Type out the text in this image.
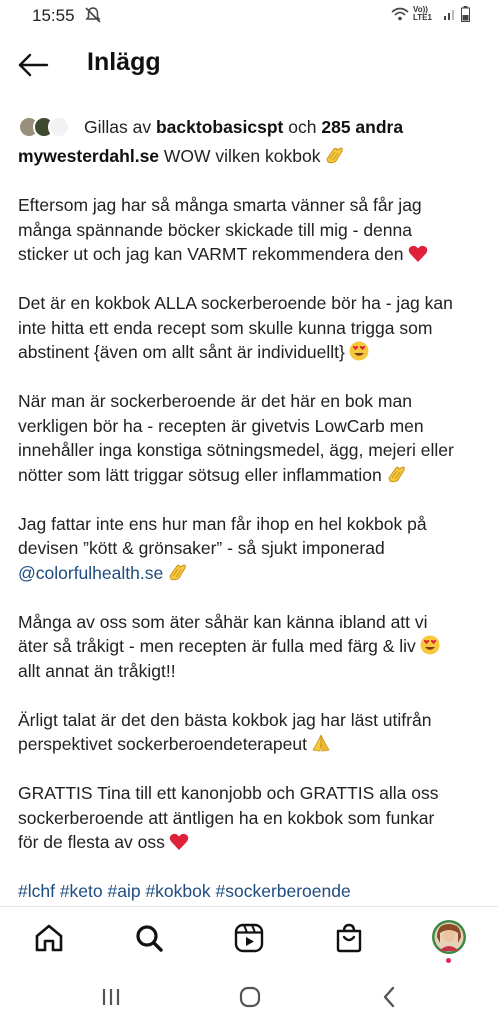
15:55	Vo)) LTE1
Inlägg
Gillas av backtobasicspt och 285 andra
mywesterdahl.se WOW vilken kokbok
Eftersom jag har så många smarta vänner så får jag
många spännande böcker skickade till mig - denna
sticker ut och jag kan VARMT rekommendera den
Det är en kokbok ALLA sockerberoende bör ha - jag kan
inte hitta ett enda recept som skulle kunna trigga som
abstinent {även om allt sånt är individuellt}
När man är sockerberoende är det här en bok man
verkligen bör ha - recepten är givetvis LowCarb men
innehåller inga konstiga sötningsmedel, ägg, mejeri eller
nötter som lätt triggar sötsug eller inflammation
Jag fattar inte ens hur man får ihop en hel kokbok på
devisen ”kött & grönsaker” - så sjukt imponerad
@colorfulhealth.se
Många av oss som äter såhär kan känna ibland att vi
äter så tråkigt - men recepten är fulla med färg & liv
allt annat än tråkigt!!
Ärligt talat är det den bästa kokbok jag har läst utifrån
perspektivet sockerberoendeterapeut
GRATTIS Tina till ett kanonjobb och GRATTIS alla oss
sockerberoende att äntligen ha en kokbok som funkar
för de flesta av oss
#lchf #keto #aip #kokbok #sockerberoende
